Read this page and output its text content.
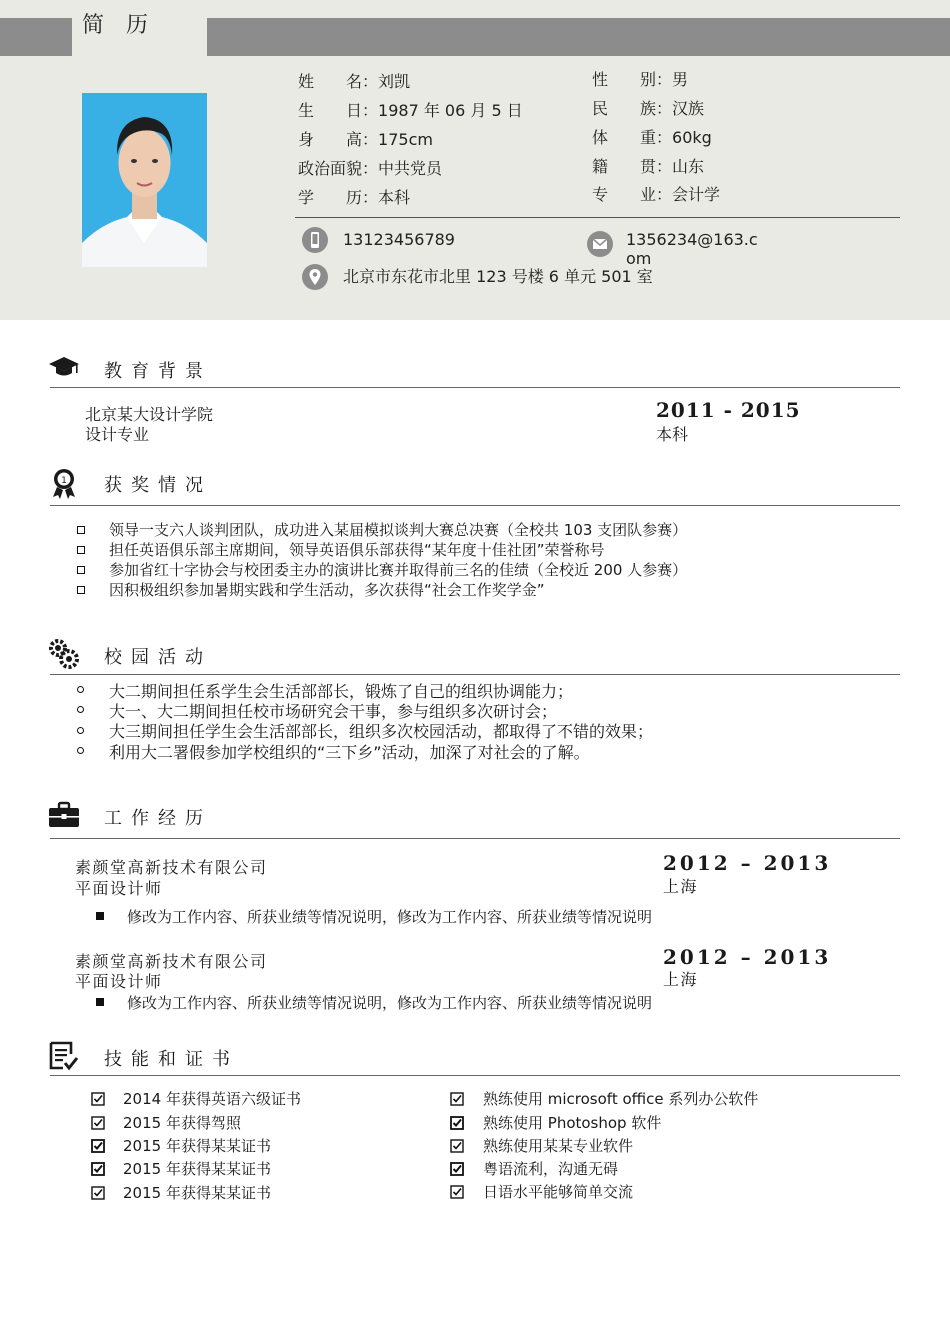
简历
姓　　名：刘凯
生　　日：1987 年 06 月 5 日
身　　高：175cm
政治面貌：中共党员
学　　历：本科
性　　别：男
民　　族：汉族
体　　重：60kg
籍　　贯：山东
专　　业：会计学
13123456789	1356234@163.c
om
北京市东花市北里 123 号楼 6 单元 501 室
教育背景
北京某大设计学院
设计专业
2011 - 2015
本科
1 获奖情况
领导一支六人谈判团队，成功进入某届模拟谈判大赛总决赛（全校共 103 支团队参赛）
担任英语俱乐部主席期间，领导英语俱乐部获得“某年度十佳社团”荣誉称号
参加省红十字协会与校团委主办的演讲比赛并取得前三名的佳绩（全校近 200 人参赛）
因积极组织参加暑期实践和学生活动，多次获得“社会工作奖学金”
校园活动
大二期间担任系学生会生活部部长，锻炼了自己的组织协调能力；
大一、大二期间担任校市场研究会干事，参与组织多次研讨会；
大三期间担任学生会生活部部长，组织多次校园活动，都取得了不错的效果；
利用大二署假参加学校组织的“三下乡”活动，加深了对社会的了解。
工作经历
素颜堂高新技术有限公司
平面设计师
2012 – 2013
上海
修改为工作内容、所获业绩等情况说明，修改为工作内容、所获业绩等情况说明
素颜堂高新技术有限公司
平面设计师
2012 – 2013
上海
修改为工作内容、所获业绩等情况说明，修改为工作内容、所获业绩等情况说明
技能和证书
2014 年获得英语六级证书
2015 年获得驾照
2015 年获得某某证书
2015 年获得某某证书
2015 年获得某某证书
熟练使用 microsoft office 系列办公软件
熟练使用 Photoshop 软件
熟练使用某某专业软件
粤语流利，沟通无碍
日语水平能够简单交流
